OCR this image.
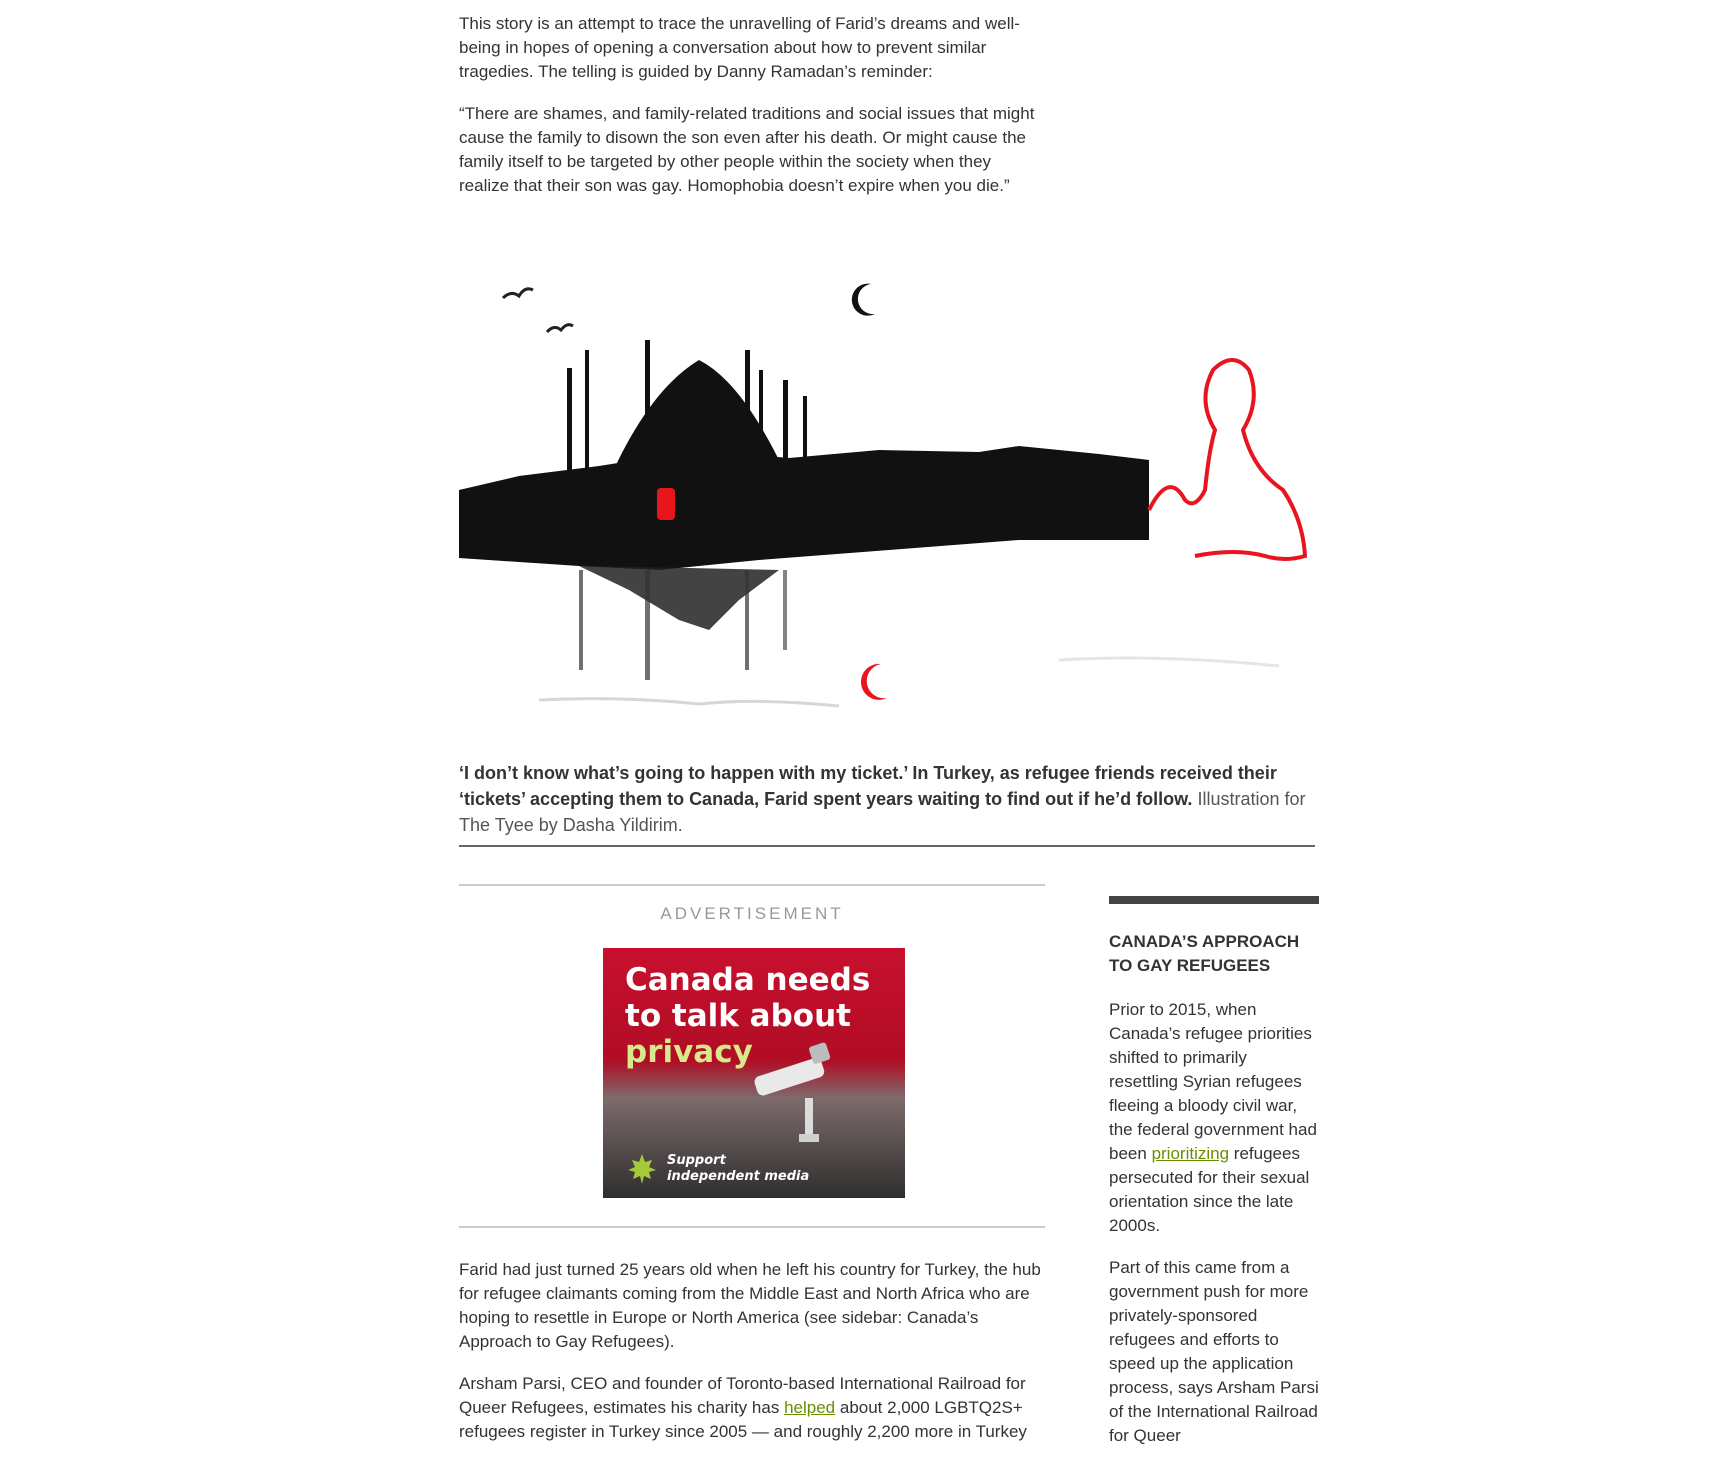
This story is an attempt to trace the unravelling of Farid’s dreams and well-being in hopes of opening a conversation about how to prevent similar tragedies. The telling is guided by Danny Ramadan’s reminder:

“There are shames, and family-related traditions and social issues that might cause the family to disown the son even after his death. Or might cause the family itself to be targeted by other people within the society when they realize that their son was gay. Homophobia doesn’t expire when you die.”

‘I don’t know what’s going to happen with my ticket.’ In Turkey, as refugee friends received their ‘tickets’ accepting them to Canada, Farid spent years waiting to find out if he’d follow. Illustration for The Tyee by Dasha Yildirim.
ADVERTISEMENT
Canada needs
to talk about
privacy
Support
independent media

Farid had just turned 25 years old when he left his country for Turkey, the hub for refugee claimants coming from the Middle East and North Africa who are hoping to resettle in Europe or North America (see sidebar: Canada’s Approach to Gay Refugees).

Arsham Parsi, CEO and founder of Toronto-based International Railroad for Queer Refugees, estimates his charity has helped about 2,000 LGBTQ2S+ refugees register in Turkey since 2005 — and roughly 2,200 more in Turkey

CANADA’S APPROACH TO GAY REFUGEES

Prior to 2015, when Canada’s refugee priorities shifted to primarily resettling Syrian refugees fleeing a bloody civil war, the federal government had been prioritizing refugees persecuted for their sexual orientation since the late 2000s.

Part of this came from a government push for more privately-sponsored refugees and efforts to speed up the application process, says Arsham Parsi of the International Railroad for Queer
